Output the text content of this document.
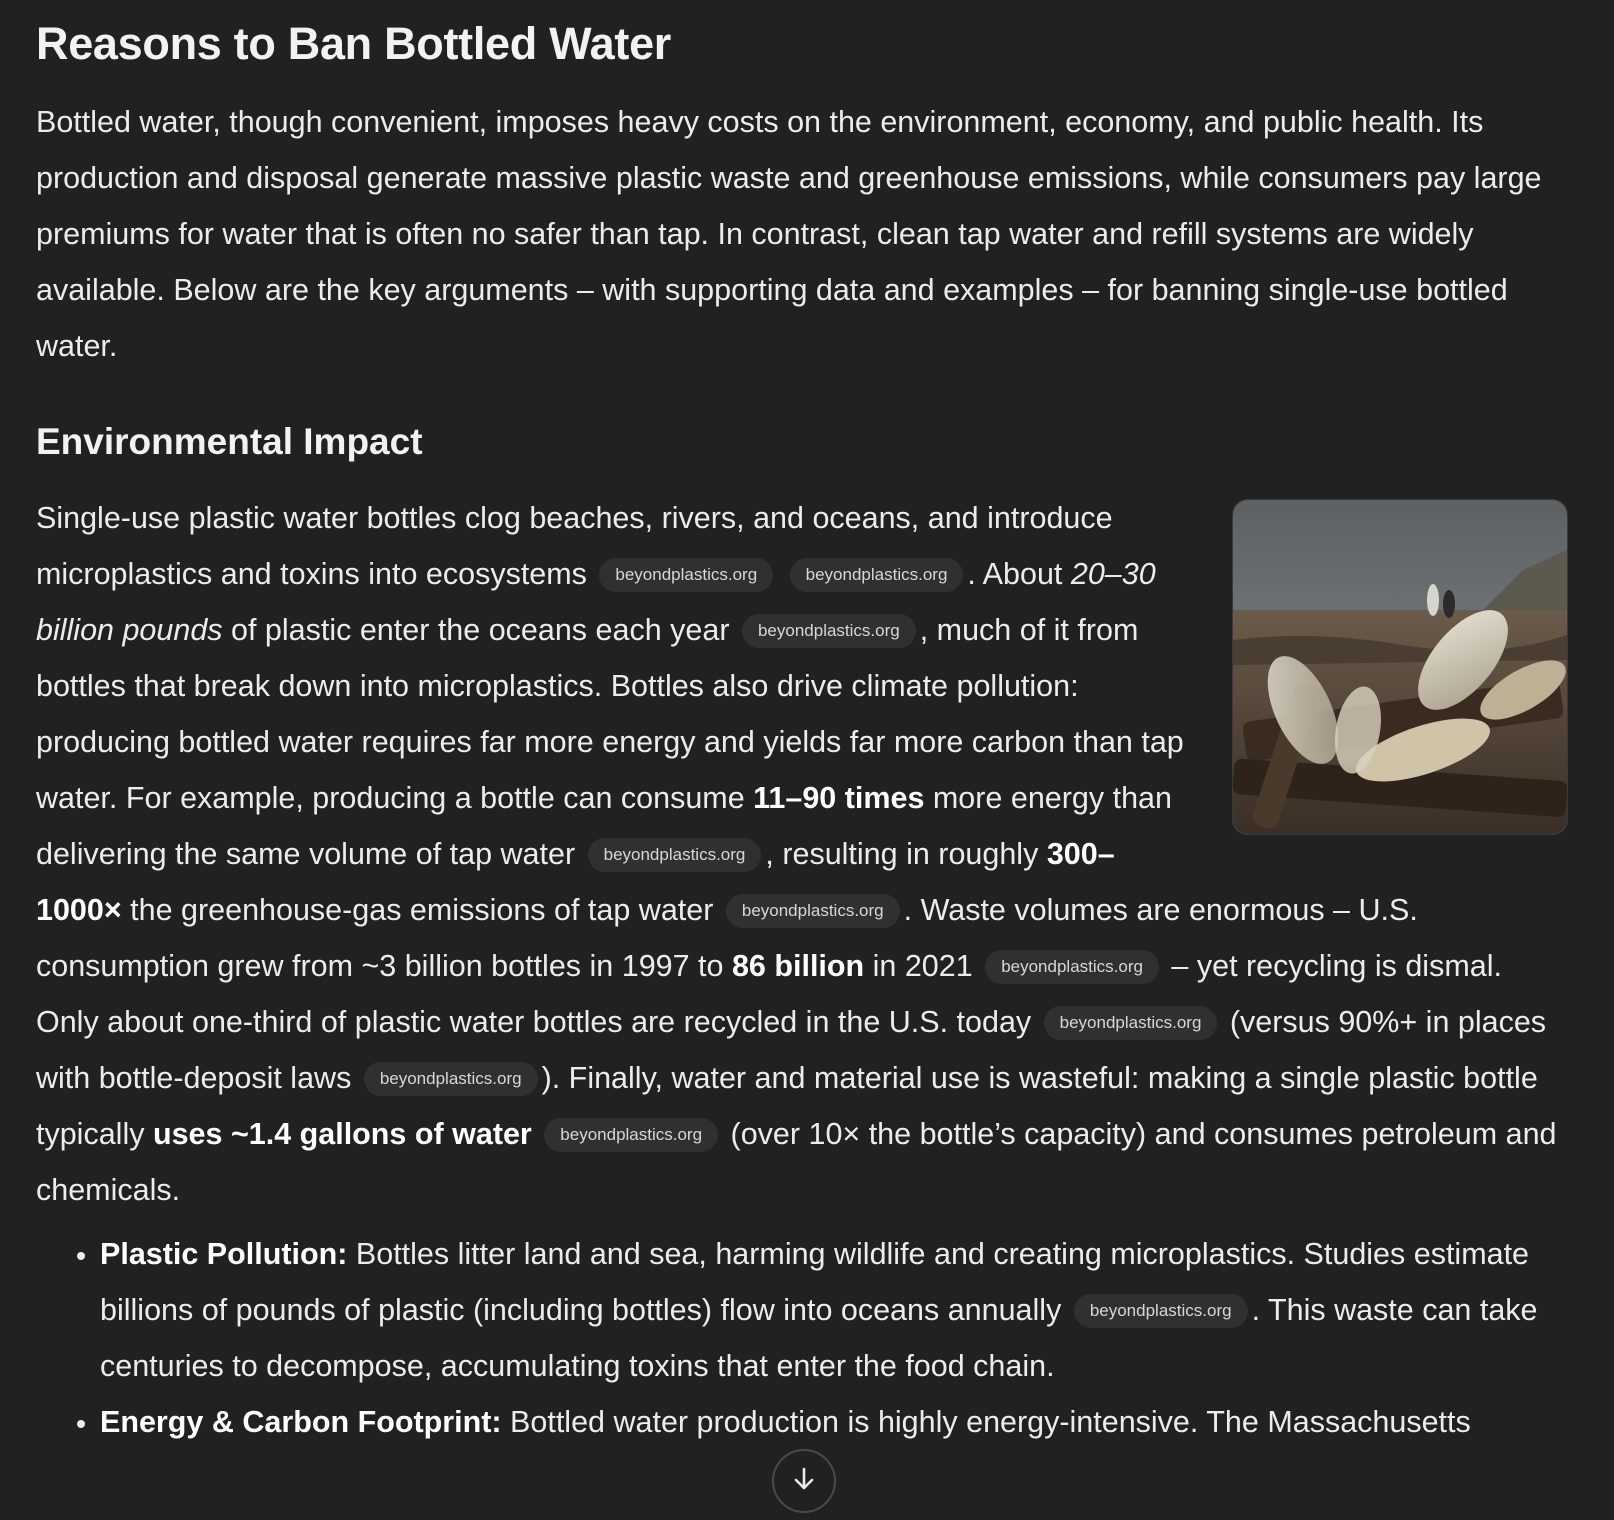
Reasons to Ban Bottled Water

Bottled water, though convenient, imposes heavy costs on the environment, economy, and public health. Its production and disposal generate massive plastic waste and greenhouse emissions, while consumers pay large premiums for water that is often no safer than tap. In contrast, clean tap water and refill systems are widely available. Below are the key arguments – with supporting data and examples – for banning single-use bottled water.

Environmental Impact

Single-use plastic water bottles clog beaches, rivers, and oceans, and introduce microplastics and toxins into ecosystems beyondplastics.org	beyondplastics.org . About 20–30 billion pounds of plastic enter the oceans each year beyondplastics.org , much of it from bottles that break down into microplastics. Bottles also drive climate pollution: producing bottled water requires far more energy and yields far more carbon than tap water. For example, producing a bottle can consume 11–90 times more energy than delivering the same volume of tap water beyondplastics.org , resulting in roughly 300–1000× the greenhouse-gas emissions of tap water beyondplastics.org . Waste volumes are enormous – U.S. consumption grew from ~3 billion bottles in 1997 to 86 billion in 2021 beyondplastics.org – yet recycling is dismal. Only about one-third of plastic water bottles are recycled in the U.S. today beyondplastics.org (versus 90%+ in places with bottle-deposit laws beyondplastics.org ). Finally, water and material use is wasteful: making a single plastic bottle typically uses ~1.4 gallons of water beyondplastics.org (over 10× the bottle’s capacity) and consumes petroleum and chemicals.

• Plastic Pollution: Bottles litter land and sea, harming wildlife and creating microplastics. Studies estimate billions of pounds of plastic (including bottles) flow into oceans annually beyondplastics.org . This waste can take centuries to decompose, accumulating toxins that enter the food chain.
• Energy & Carbon Footprint: Bottled water production is highly energy-intensive. The Massachusetts
